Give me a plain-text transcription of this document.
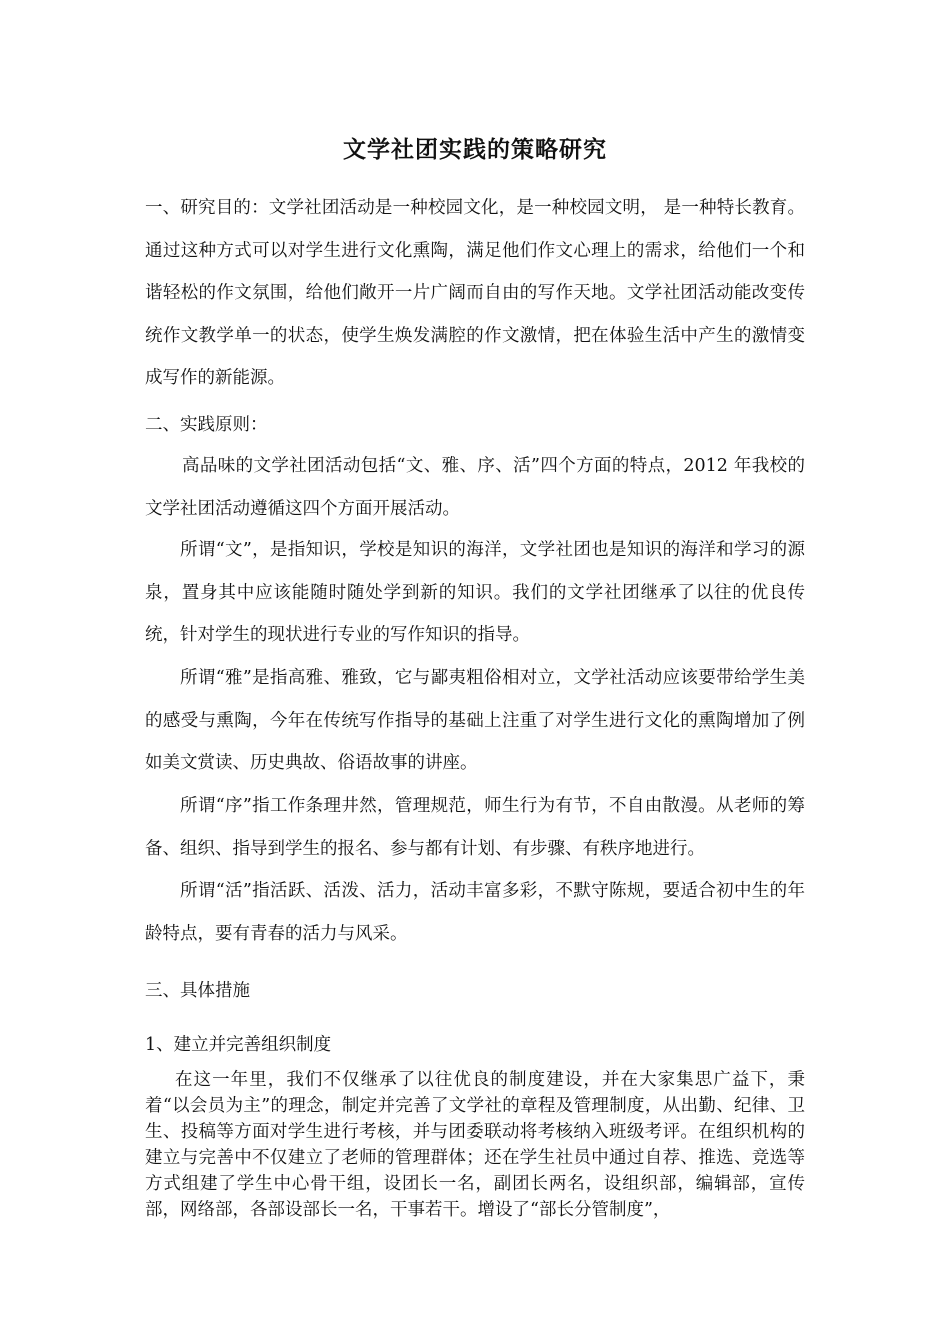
文学社团实践的策略研究

一、研究目的：文学社团活动是一种校园文化，是一种校园文明， 是一种特长教育。通过这种方式可以对学生进行文化熏陶，满足他们作文心理上的需求，给他们一个和谐轻松的作文氛围，给他们敞开一片广阔而自由的写作天地。文学社团活动能改变传统作文教学单一的状态，使学生焕发满腔的作文激情，把在体验生活中产生的激情变成写作的新能源。

二、实践原则：

高品味的文学社团活动包括“文、雅、序、活”四个方面的特点，2012 年我校的文学社团活动遵循这四个方面开展活动。

所谓“文”，是指知识，学校是知识的海洋，文学社团也是知识的海洋和学习的源泉，置身其中应该能随时随处学到新的知识。我们的文学社团继承了以往的优良传统，针对学生的现状进行专业的写作知识的指导。

所谓“雅”是指高雅、雅致，它与鄙夷粗俗相对立，文学社活动应该要带给学生美的感受与熏陶，今年在传统写作指导的基础上注重了对学生进行文化的熏陶增加了例如美文赏读、历史典故、俗语故事的讲座。

所谓“序”指工作条理井然，管理规范，师生行为有节，不自由散漫。从老师的筹备、组织、指导到学生的报名、参与都有计划、有步骤、有秩序地进行。

所谓“活”指活跃、活泼、活力，活动丰富多彩，不默守陈规，要适合初中生的年龄特点，要有青春的活力与风采。

三、具体措施

1、建立并完善组织制度

在这一年里，我们不仅继承了以往优良的制度建设，并在大家集思广益下，秉着“以会员为主”的理念，制定并完善了文学社的章程及管理制度，从出勤、纪律、卫生、投稿等方面对学生进行考核，并与团委联动将考核纳入班级考评。在组织机构的建立与完善中不仅建立了老师的管理群体；还在学生社员中通过自荐、推选、竞选等方式组建了学生中心骨干组，设团长一名，副团长两名，设组织部，编辑部，宣传部，网络部，各部设部长一名，干事若干。增设了“部长分管制度”，
